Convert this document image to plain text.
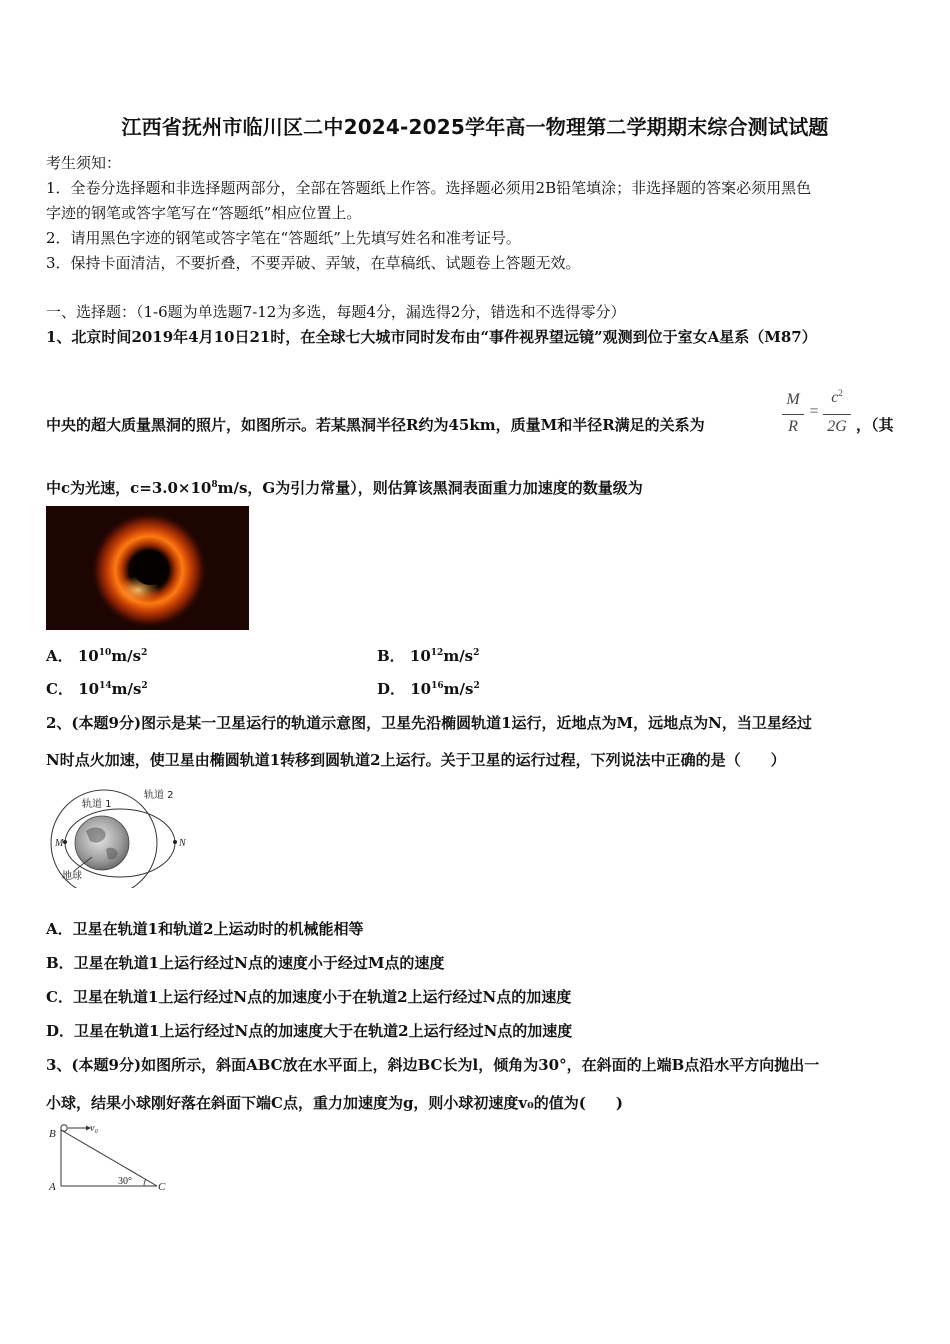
江西省抚州市临川区二中2024-2025学年高一物理第二学期期末综合测试试题
考生须知：
1．全卷分选择题和非选择题两部分，全部在答题纸上作答。选择题必须用2B铅笔填涂；非选择题的答案必须用黑色
字迹的钢笔或答字笔写在“答题纸”相应位置上。
2．请用黑色字迹的钢笔或答字笔在“答题纸”上先填写姓名和准考证号。
3．保持卡面清洁，不要折叠，不要弄破、弄皱，在草稿纸、试题卷上答题无效。
一、选择题：（1-6题为单选题7-12为多选，每题4分，漏选得2分，错选和不选得零分）
1、北京时间2019年4月10日21时，在全球七大城市同时发布由“事件视界望远镜”观测到位于室女A星系（M87）
中央的超大质量黑洞的照片，如图所示。若某黑洞半径R约为45km，质量M和半径R满足的关系为
M
R
=
$c^2$
2G ，（其
中c为光速，$c=3.0\times 10^8m/s$，G为引力常量），则估算该黑洞表面重力加速度的数量级为
A． $10^{10}m/s^2$	B． $10^{12}m/s^2$
C． $10^{14}m/s^2$	D． $10^{16}m/s^2$
2、(本题9分)图示是某一卫星运行的轨道示意图，卫星先沿椭圆轨道1运行，近地点为M，远地点为N，当卫星经过
N时点火加速，使卫星由椭圆轨道1转移到圆轨道2上运行。关于卫星的运行过程，下列说法中正确的是（　　）
轨道 1
轨道 2
M	N
地球
A．卫星在轨道1和轨道2上运动时的机械能相等
B．卫星在轨道1上运行经过N点的速度小于经过M点的速度
C．卫星在轨道1上运行经过N点的加速度小于在轨道2上运行经过N点的加速度
D．卫星在轨道1上运行经过N点的加速度大于在轨道2上运行经过N点的加速度
3、(本题9分)如图所示，斜面ABC放在水平面上，斜边BC长为l，倾角为30°，在斜面的上端B点沿水平方向抛出一
小球，结果小球刚好落在斜面下端C点，重力加速度为g，则小球初速度v₀的值为(　　)
B
A	C
v₀
30°
